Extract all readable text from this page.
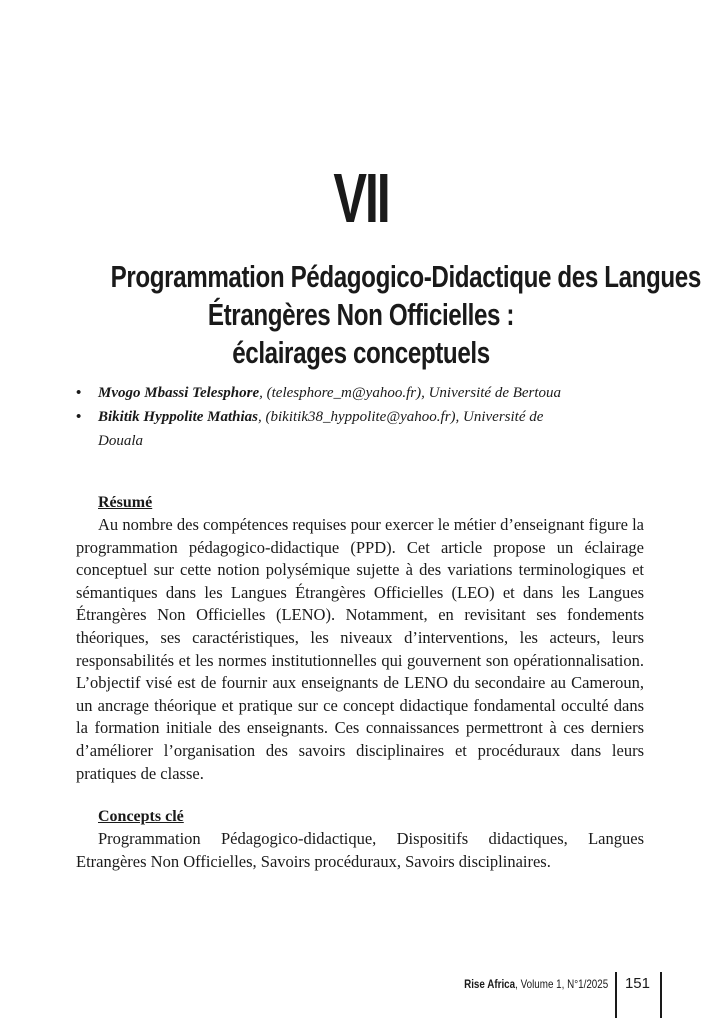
VII
Programmation Pédagogico-Didactique des Langues
Étrangères Non Officielles :
éclairages conceptuels
• Mvogo Mbassi Telesphore, (telesphore_m@yahoo.fr), Université de Bertoua
• Bikitik Hyppolite Mathias, (bikitik38_hyppolite@yahoo.fr), Université de
Douala
Résumé

Au nombre des compétences requises pour exercer le métier d’enseignant figure la programmation pédagogico-didactique (PPD). Cet article propose un éclairage conceptuel sur cette notion polysémique sujette à des variations terminologiques et sémantiques dans les Langues Étrangères Officielles (LEO) et dans les Langues Étrangères Non Officielles (LENO). Notamment, en revisitant ses fondements théoriques, ses caractéristiques, les niveaux d’interventions, les acteurs, leurs responsabilités et les normes institutionnelles qui gouvernent son opérationnalisation. L’objectif visé est de fournir aux enseignants de LENO du secondaire au Cameroun, un ancrage théorique et pratique sur ce concept didactique fondamental occulté dans la formation initiale des enseignants. Ces connaissances permettront à ces derniers d’améliorer l’organisation des savoirs disciplinaires et procéduraux dans leurs pratiques de classe.

Concepts clé

Programmation Pédagogico-didactique, Dispositifs didactiques, Langues Etrangères Non Officielles, Savoirs procéduraux, Savoirs disciplinaires.

Rise Africa, Volume 1, N°1/2025	151
